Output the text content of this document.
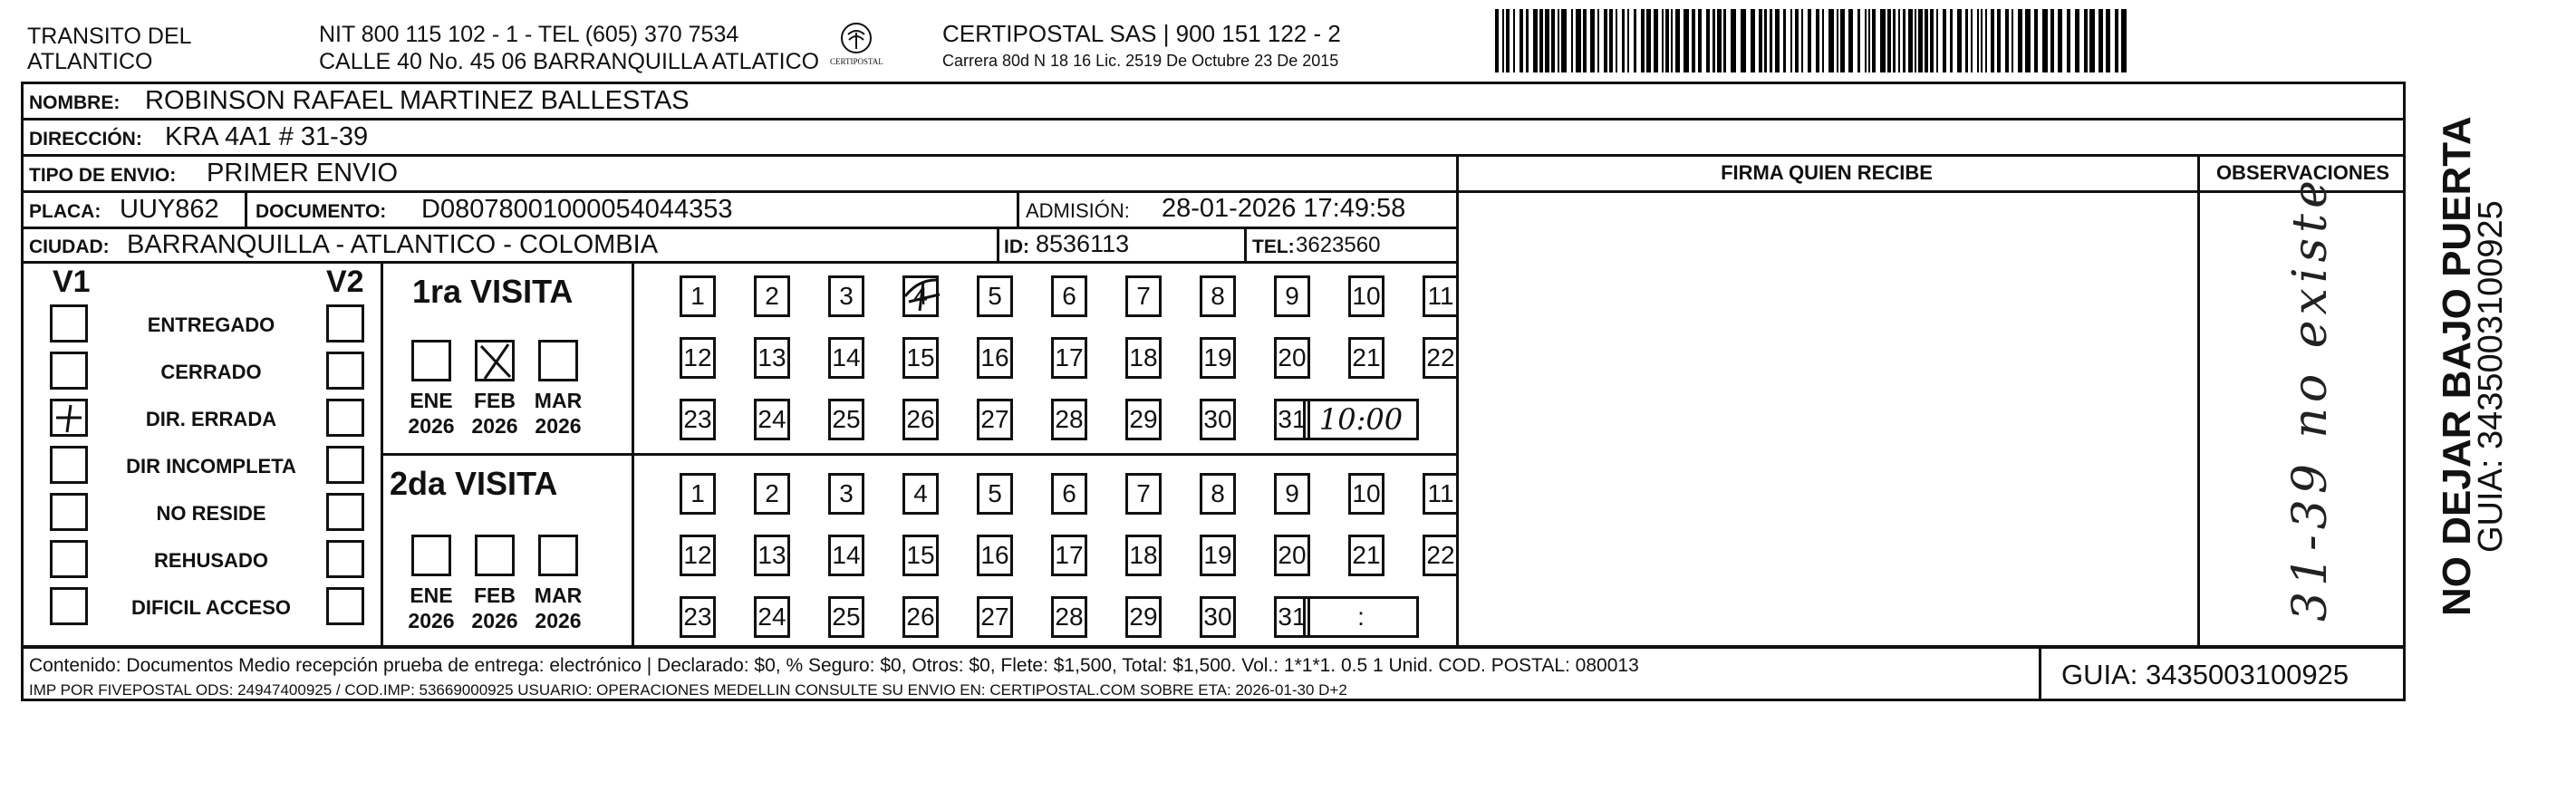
TRANSITO DEL
ATLANTICO
NIT 800 115 102 - 1 - TEL (605) 370 7534
CALLE 40 No. 45 06 BARRANQUILLA ATLATICO CERTIPOSTAL
CERTIPOSTAL SAS | 900 151 122 - 2
Carrera 80d N 18 16 Lic. 2519 De Octubre 23 De 2015
NOMBRE: ROBINSON RAFAEL MARTINEZ BALLESTAS
DIRECCIÓN: KRA 4A1 # 31-39
TIPO DE ENVIO: PRIMER ENVIO	FIRMA QUIEN RECIBE	OBSERVACIONES
PLACA: UUY862 DOCUMENTO: D08078001000054044353	ADMISIÓN: 28-01-2026 17:49:58
CIUDAD: BARRANQUILLA - ATLANTICO - COLOMBIA	ID: 8536113	TEL: 3623560
V1	V2
ENTREGADO
CERRADO
DIR. ERRADA
DIR INCOMPLETA
NO RESIDE
REHUSADO
DIFICIL ACCESO
1ra VISITA
ENE
2026
FEB
2026
MAR
2026
1	2	3	4	5	6	7	8	9	10 11
12 13 14 15 16 17 18 19 20 21 22
23 24 25 26 27 28 29 30 31 10:00
2da VISITA
ENE
2026
FEB
2026
MAR
2026
1	2	3	4	5	6	7	8	9	10 11
12 13 14 15 16 17 18 19 20 21 22
23 24 25 26 27 28 29 30 31	:	31-39 no existe
Contenido: Documentos Medio recepción prueba de entrega: electrónico | Declarado: $0, % Seguro: $0, Otros: $0, Flete: $1,500, Total: $1,500. Vol.: 1*1*1. 0.5 1 Unid. COD. POSTAL: 080013
IMP POR FIVEPOSTAL ODS: 24947400925 / COD.IMP: 53669000925 USUARIO: OPERACIONES MEDELLIN CONSULTE SU ENVIO EN: CERTIPOSTAL.COM SOBRE ETA: 2026-01-30 D+2	GUIA: 3435003100925
NO DEJAR BAJO PUERTA
GUIA: 3435003100925
